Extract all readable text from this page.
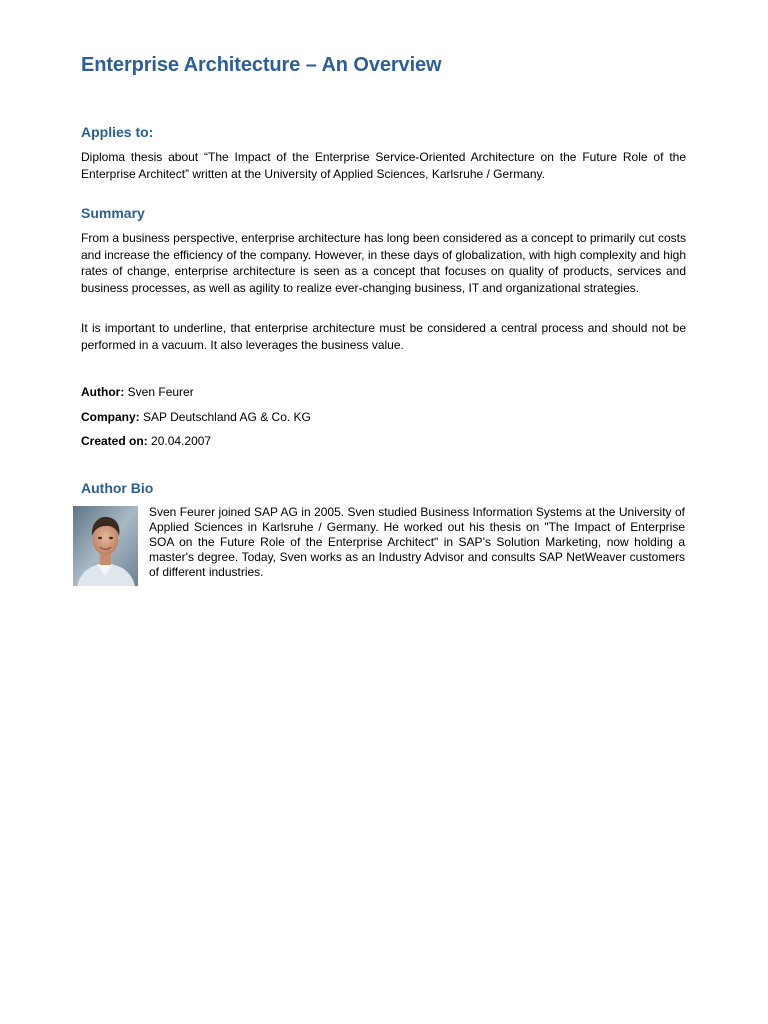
Enterprise Architecture – An Overview
Applies to:

Diploma thesis about “The Impact of the Enterprise Service-Oriented Architecture on the Future Role of the Enterprise Architect” written at the University of Applied Sciences, Karlsruhe / Germany.

Summary

From a business perspective, enterprise architecture has long been considered as a concept to primarily cut costs and increase the efficiency of the company. However, in these days of globalization, with high complexity and high rates of change, enterprise architecture is seen as a concept that focuses on quality of products, services and business processes, as well as agility to realize ever-changing business, IT and organizational strategies.

It is important to underline, that enterprise architecture must be considered a central process and should not be performed in a vacuum. It also leverages the business value.

Author: Sven Feurer

Company: SAP Deutschland AG & Co. KG

Created on: 20.04.2007

Author Bio

Sven Feurer joined SAP AG in 2005. Sven studied Business Information Systems at the University of Applied Sciences in Karlsruhe / Germany. He worked out his thesis on "The Impact of Enterprise SOA on the Future Role of the Enterprise Architect" in SAP’s Solution Marketing, now holding a master's degree. Today, Sven works as an Industry Advisor and consults SAP NetWeaver customers of different industries.
